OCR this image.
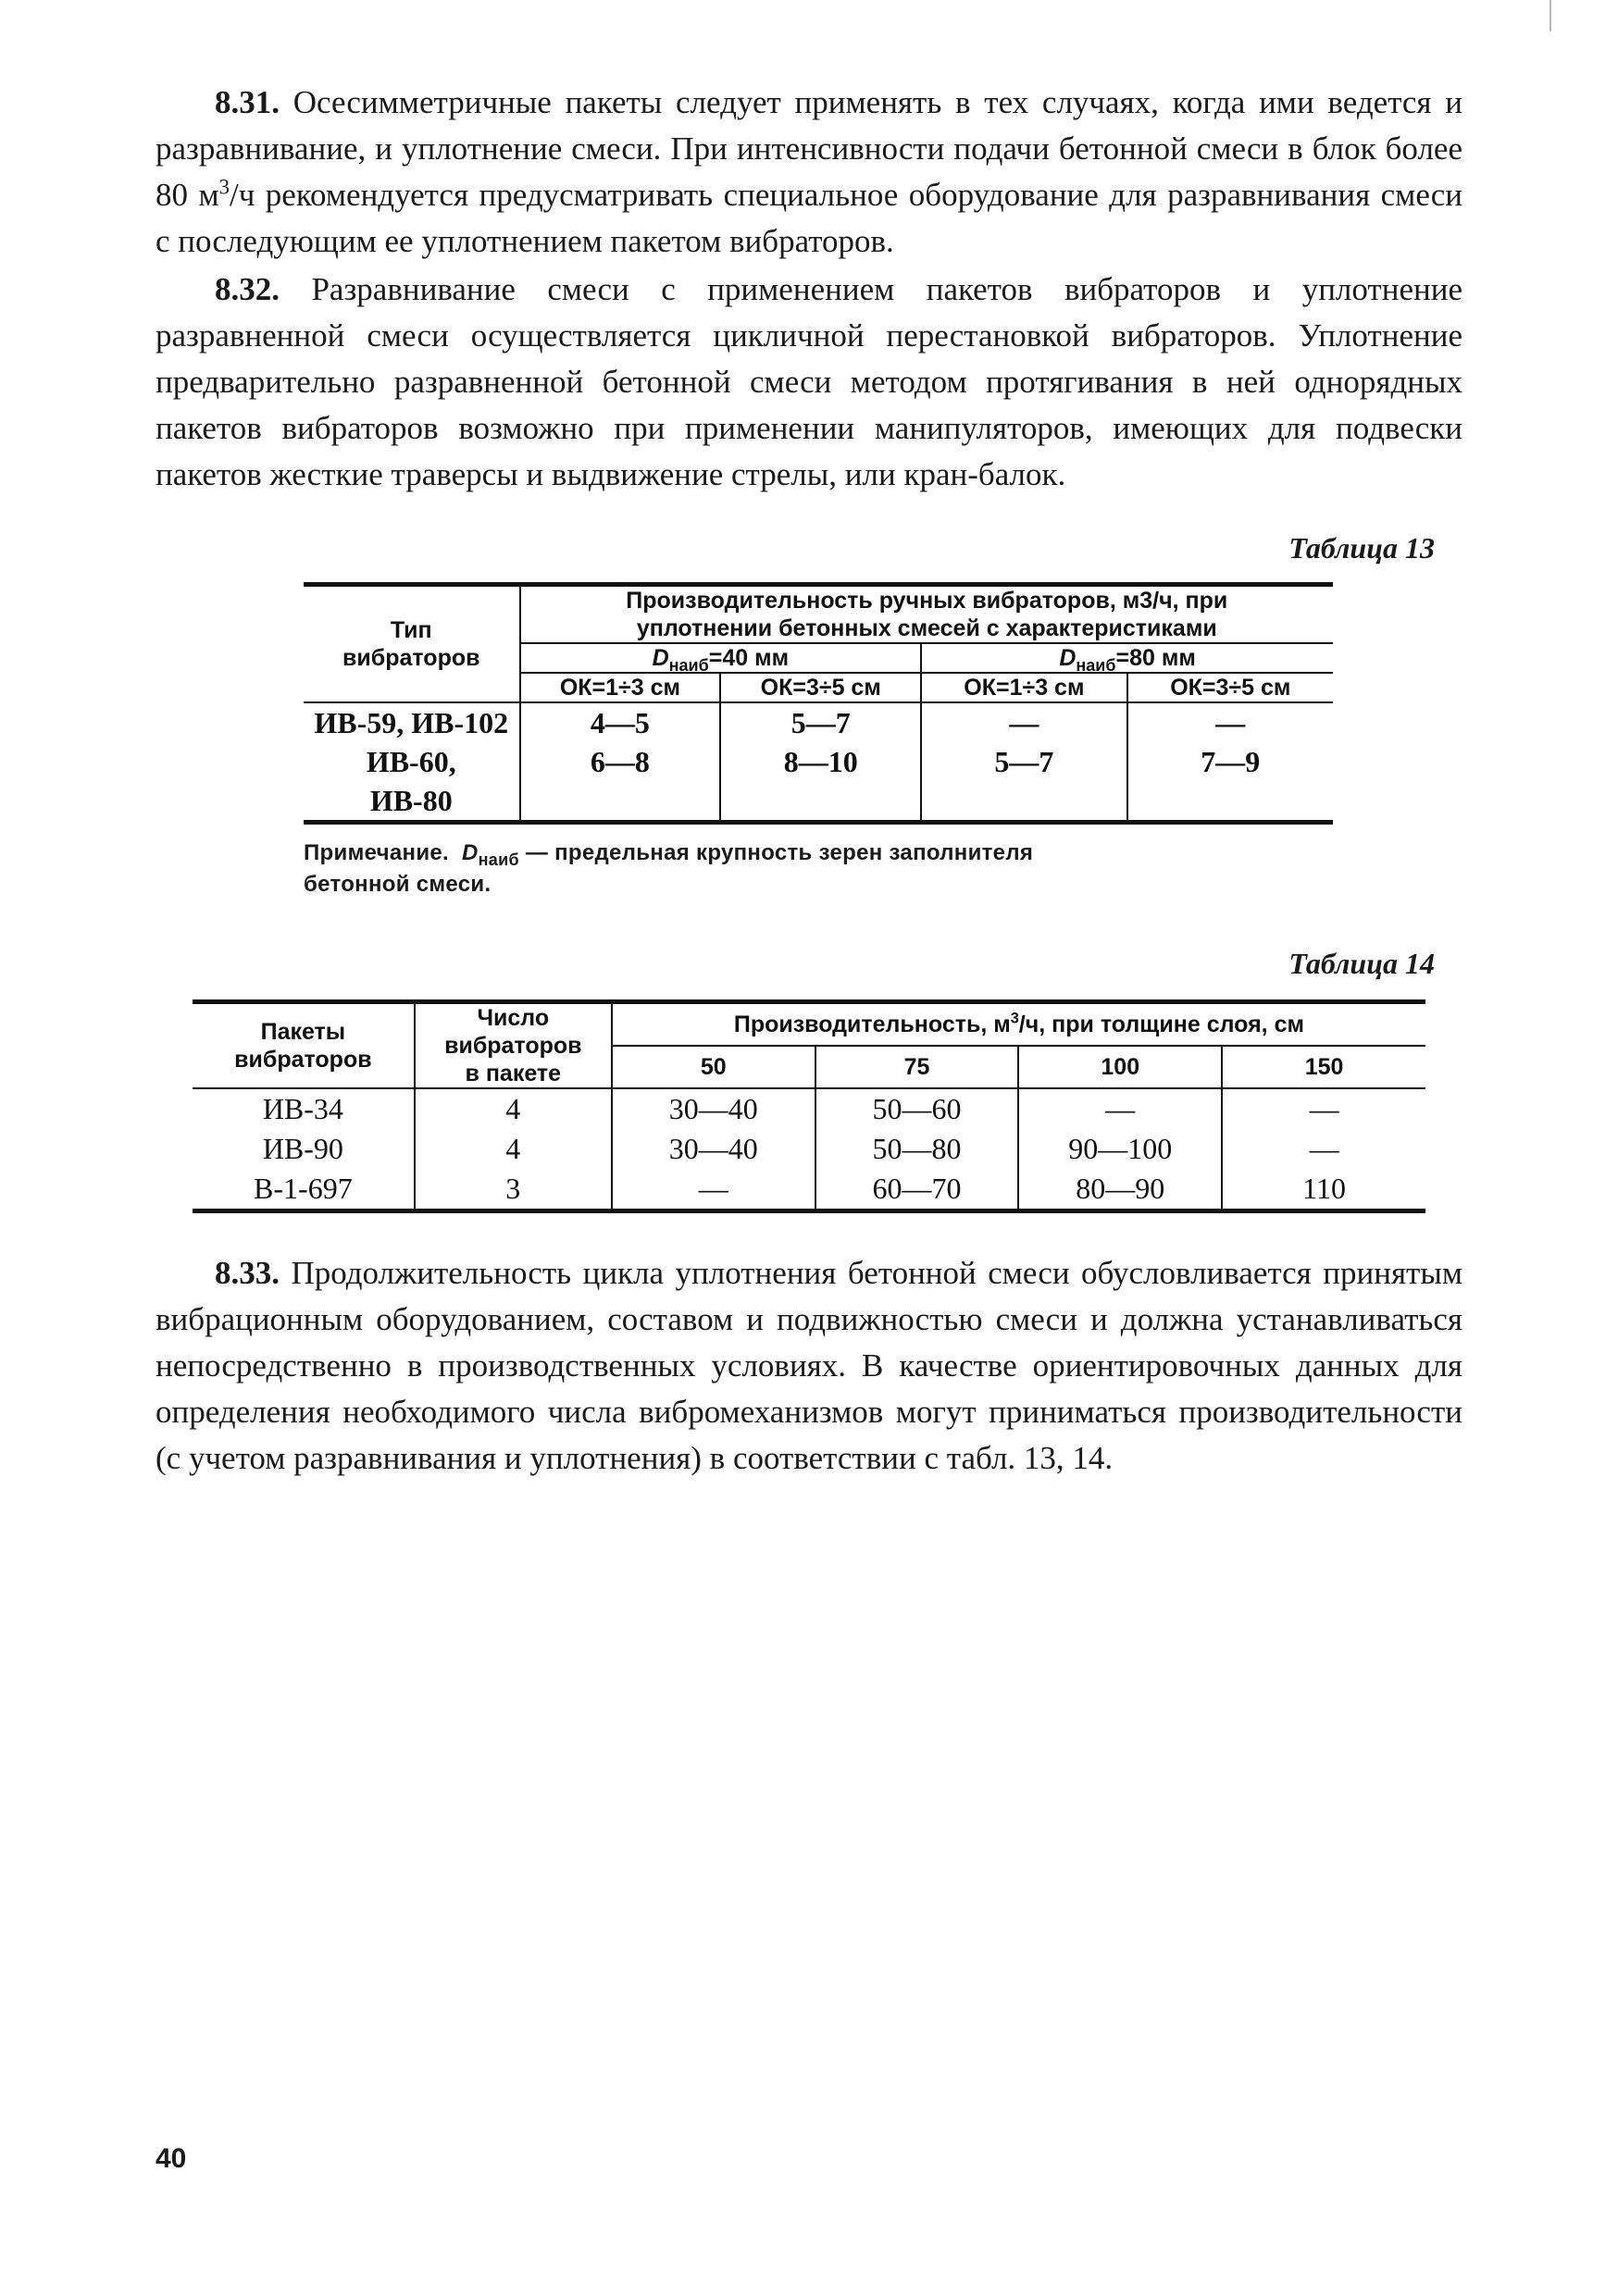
8.31. Осесимметричные пакеты следует применять в тех случаях, когда ими ведется и разравнивание, и уплотнение смеси. При интенсивности подачи бетонной смеси в блок более 80 $м^3/ч$ рекомендуется предусматривать специальное оборудование для разравнивания смеси с последующим ее уплотнением пакетом вибраторов.

8.32. Разравнивание смеси с применением пакетов вибраторов и уплотнение разравненной смеси осуществляется цикличной перестановкой вибраторов. Уплотнение предварительно разравненной бетонной смеси методом протягивания в ней однорядных пакетов вибраторов возможно при применении манипуляторов, имеющих для подвески пакетов жесткие траверсы и выдвижение стрелы, или кран-балок.

Таблица 13
Тип
вибраторов

Производительность ручных вибраторов, м3/ч, при
уплотнении бетонных смесей с характеристиками

	$D_{наиб}=40$ мм		$D_{наиб}=80$ мм	
	ОК=1÷3 см	ОК=3÷5 см	ОК=1÷3 см	ОК=3÷5 см
ИВ-59, ИВ-102	4—5	5—7	—	—
ИВ-60,	6—8	8—10	5—7	7—9
ИВ-80				
Примечание. $D_{наиб}$ — предельная крупность зерен заполнителя
бетонной смеси.
Таблица 14
Пакеты
вибраторов

Число
вибраторов
в пакете
	Производительность, $м^3/ч$, при толщине слоя, см
		50	75	100	150
ИВ-34	4	30—40	50—60	—	—
ИВ-90	4	30—40	50—80	90—100	—
В-1-697	3	—	60—70	80—90	110

8.33. Продолжительность цикла уплотнения бетонной смеси обусловливается принятым вибрационным оборудованием, составом и подвижностью смеси и должна устанавливаться непосредственно в производственных условиях. В качестве ориентировочных данных для определения необходимого числа вибромеханизмов могут приниматься производительности (с учетом разравнивания и уплотнения) в соответствии с табл. 13, 14.

40
